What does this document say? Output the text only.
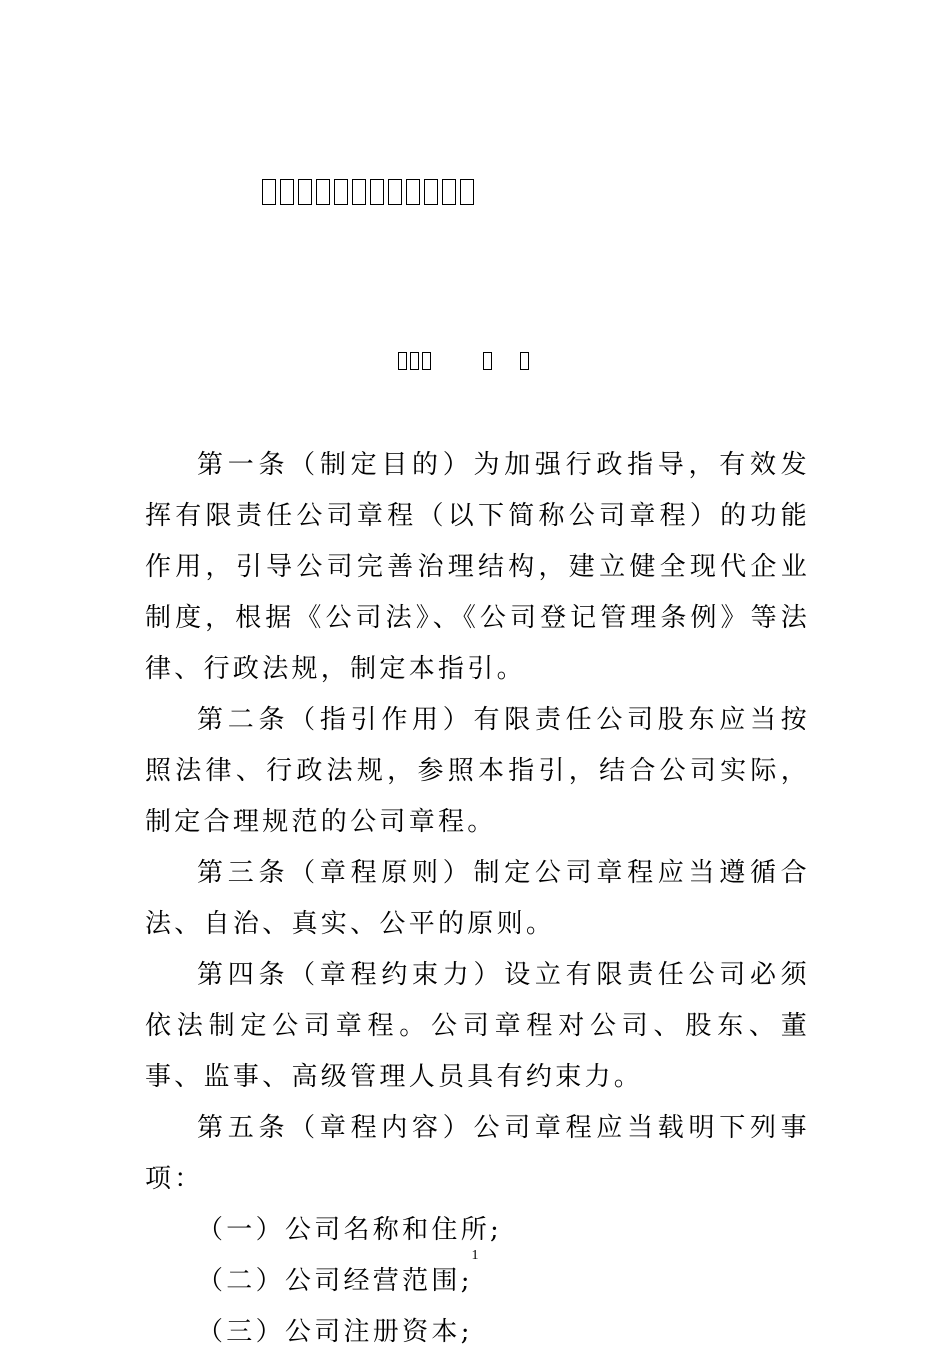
第一条（制定目的）为加强行政指导，有效发挥有限责任公司章程（以下简称公司章程）的功能作用，引导公司完善治理结构，建立健全现代企业制度，根据《公司法》、《公司登记管理条例》等法律、行政法规，制定本指引。

第二条（指引作用）有限责任公司股东应当按照法律、行政法规，参照本指引，结合公司实际，制定合理规范的公司章程。

第三条（章程原则）制定公司章程应当遵循合法、自治、真实、公平的原则。

第四条（章程约束力）设立有限责任公司必须依法制定公司章程。公司章程对公司、股东、董事、监事、高级管理人员具有约束力。

第五条（章程内容）公司章程应当载明下列事项：

（一）公司名称和住所;

（二）公司经营范围;

（三）公司注册资本;

1
